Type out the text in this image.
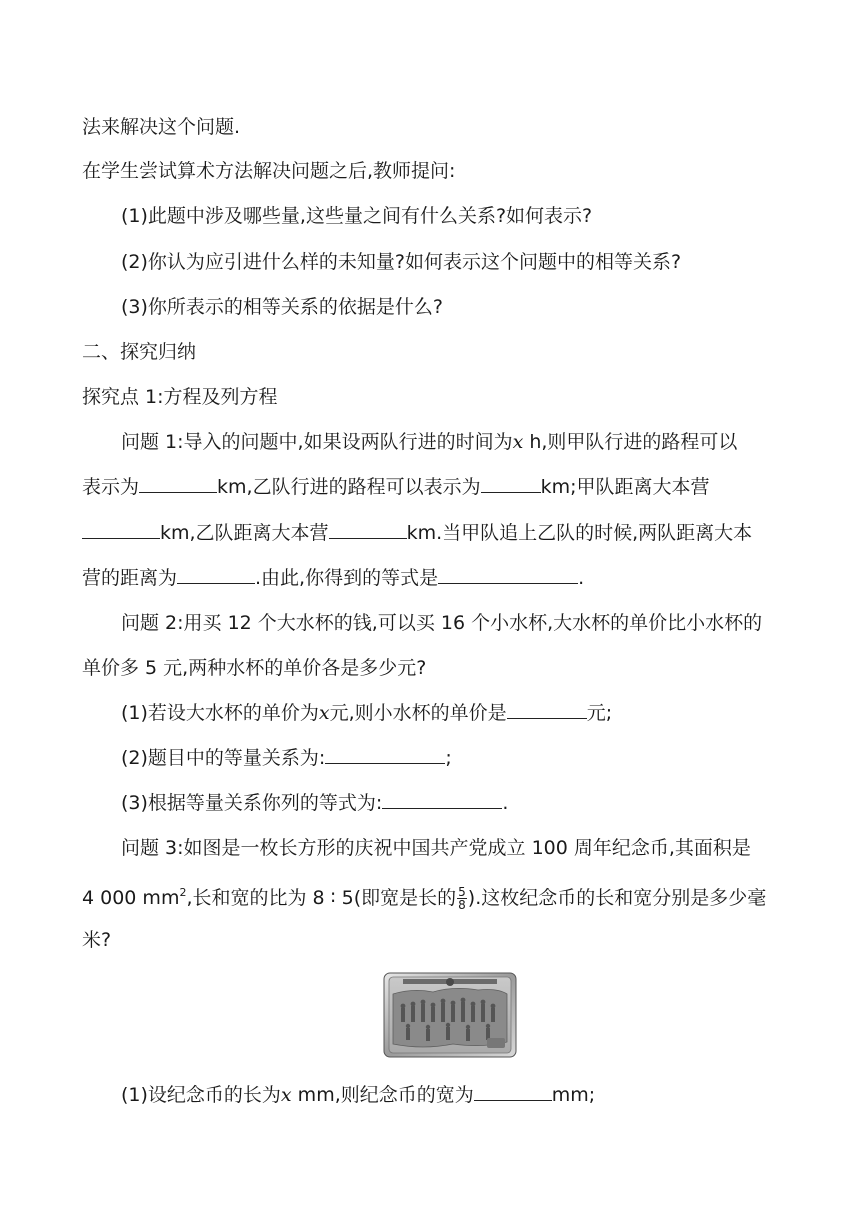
法来解决这个问题.
在学生尝试算术方法解决问题之后,教师提问:
(1)此题中涉及哪些量,这些量之间有什么关系?如何表示?
(2)你认为应引进什么样的未知量?如何表示这个问题中的相等关系?
(3)你所表示的相等关系的依据是什么?
二、探究归纳
探究点 1:方程及列方程
问题 1:导入的问题中,如果设两队行进的时间为x h,则甲队行进的路程可以
表示为	km,乙队行进的路程可以表示为	km;甲队距离大本营
km,乙队距离大本营	km.当甲队追上乙队的时候,两队距离大本
营的距离为	.由此,你得到的等式是	.
问题 2:用买 12 个大水杯的钱,可以买 16 个小水杯,大水杯的单价比小水杯的
单价多 5 元,两种水杯的单价各是多少元?
(1)若设大水杯的单价为x元,则小水杯的单价是	元;
(2)题目中的等量关系为:	;
(3)根据等量关系你列的等式为:	.
问题 3:如图是一枚长方形的庆祝中国共产党成立 100 周年纪念币,其面积是
4 000 $mm^2$,长和宽的比为 8 ∶ 5(即宽是长的 $\frac{5}{8}$ ).这枚纪念币的长和宽分别是多少毫
米?
(1)设纪念币的长为x mm,则纪念币的宽为	mm;
